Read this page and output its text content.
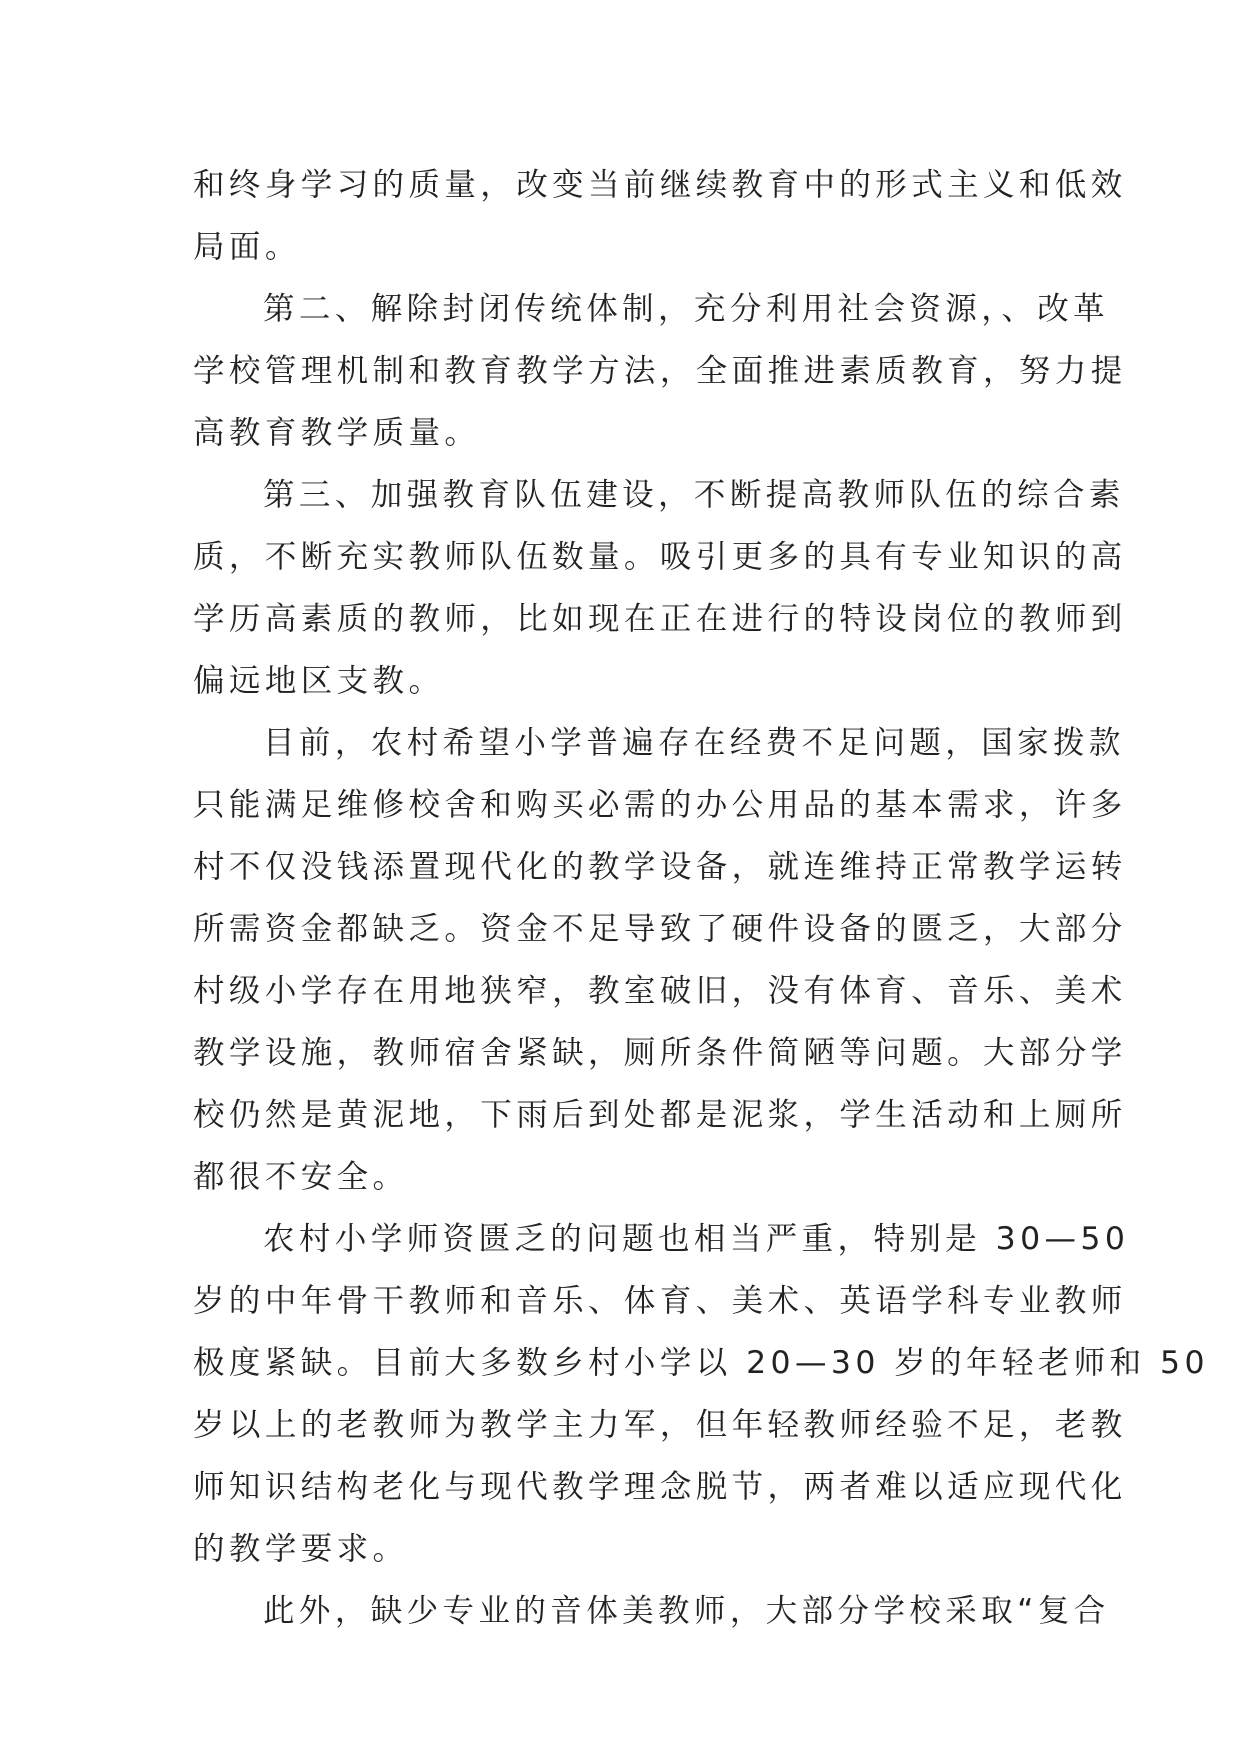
和终身学习的质量，改变当前继续教育中的形式主义和低效
局面。
第二、解除封闭传统体制，充分利用社会资源，、改革
学校管理机制和教育教学方法，全面推进素质教育，努力提
高教育教学质量。
第三、加强教育队伍建设，不断提高教师队伍的综合素
质，不断充实教师队伍数量。吸引更多的具有专业知识的高
学历高素质的教师，比如现在正在进行的特设岗位的教师到
偏远地区支教。
目前，农村希望小学普遍存在经费不足问题，国家拨款
只能满足维修校舍和购买必需的办公用品的基本需求，许多
村不仅没钱添置现代化的教学设备，就连维持正常教学运转
所需资金都缺乏。资金不足导致了硬件设备的匮乏，大部分
村级小学存在用地狭窄，教室破旧，没有体育、音乐、美术
教学设施，教师宿舍紧缺，厕所条件简陋等问题。大部分学
校仍然是黄泥地，下雨后到处都是泥浆，学生活动和上厕所
都很不安全。
农村小学师资匮乏的问题也相当严重，特别是 30—50
岁的中年骨干教师和音乐、体育、美术、英语学科专业教师
极度紧缺。目前大多数乡村小学以 20—30 岁的年轻老师和 50
岁以上的老教师为教学主力军，但年轻教师经验不足，老教
师知识结构老化与现代教学理念脱节，两者难以适应现代化
的教学要求。
此外，缺少专业的音体美教师，大部分学校采取“复合
